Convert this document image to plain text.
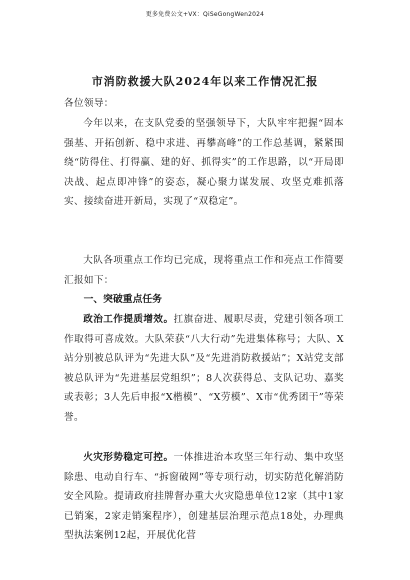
更多免费公文+VX：QiSeGongWen2024
市消防救援大队2024年以来工作情况汇报
各位领导：

今年以来，在支队党委的坚强领导下，大队牢牢把握“固本强基、开拓创新、稳中求进、再攀高峰”的工作总基调，紧紧围绕“防得住、打得赢、建的好、抓得实”的工作思路，以“开局即决战、起点即冲锋”的姿态，凝心聚力谋发展、攻坚克难抓落实、接续奋进开新局，实现了“双稳定”。

大队各项重点工作均已完成，现将重点工作和亮点工作简要汇报如下：

一、突破重点任务

政治工作提质增效。扛旗奋进、履职尽责，党建引领各项工作取得可喜成效。大队荣获“八大行动”先进集体称号；大队、X站分别被总队评为“先进大队”及“先进消防救援站”；X站党支部被总队评为“先进基层党组织”；8人次获得总、支队记功、嘉奖或表彰；3人先后申报“X楷模”、“X劳模”、X市“优秀团干”等荣誉。

火灾形势稳定可控。一体推进治本攻坚三年行动、集中攻坚除患、电动自行车、“拆窗破网”等专项行动，切实防范化解消防安全风险。提请政府挂牌督办重大火灾隐患单位12家（其中1家已销案，2家走销案程序），创建基层治理示范点18处，办理典型执法案例12起，开展优化营
